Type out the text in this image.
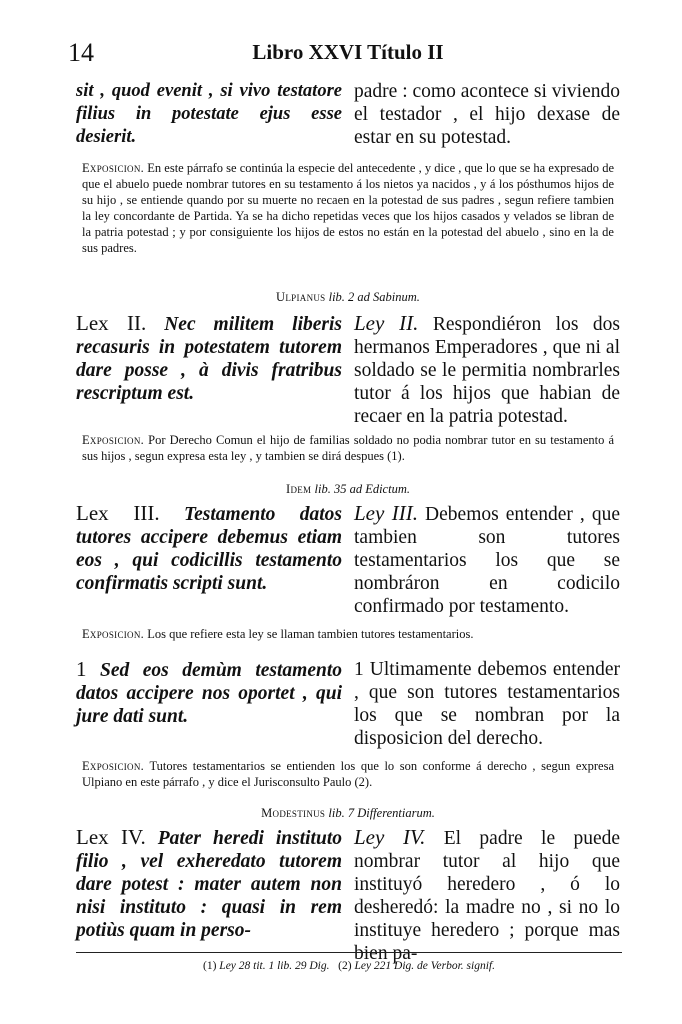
14	Libro XXVI Título II
sit , quod evenit , si vivo testatore filius in potestate ejus esse desierit.
padre : como acontece si viviendo el testador , el hijo dexase de estar en su potestad.
Exposicion. En este párrafo se continúa la especie del antecedente , y dice , que lo que se ha expresado de que el abuelo puede nombrar tutores en su testamento á los nietos ya nacidos , y á los pósthumos hijos de su hijo , se entiende quando por su muerte no recaen en la potestad de sus padres , segun refiere tambien la ley concordante de Partida. Ya se ha dicho repetidas veces que los hijos casados y velados se libran de la patria potestad ; y por consiguiente los hijos de estos no están en la potestad del abuelo , sino en la de sus padres.
Ulpianus lib. 2 ad Sabinum.
Lex II. Nec militem liberis recasuris in potestatem tutorem dare posse , à divis fratribus rescriptum est.
Ley II. Respondiéron los dos hermanos Emperadores , que ni al soldado se le permitia nombrarles tutor á los hijos que habian de recaer en la patria potestad.
Exposicion. Por Derecho Comun el hijo de familias soldado no podia nombrar tutor en su testamento á sus hijos , segun expresa esta ley , y tambien se dirá despues (1).
Idem lib. 35 ad Edictum.
Lex III. Testamento datos tutores accipere debemus etiam eos , qui codicillis testamento confirmatis scripti sunt.
Ley III. Debemos entender , que tambien son tutores testamentarios los que se nombráron en codicilo confirmado por testamento.
Exposicion. Los que refiere esta ley se llaman tambien tutores testamentarios.
1 Sed eos demùm testamento datos accipere nos oportet , qui jure dati sunt.
1 Ultimamente debemos entender , que son tutores testamentarios los que se nombran por la disposicion del derecho.
Exposicion. Tutores testamentarios se entienden los que lo son conforme á derecho , segun expresa Ulpiano en este párrafo , y dice el Jurisconsulto Paulo (2).
Modestinus lib. 7 Differentiarum.
Lex IV. Pater heredi instituto filio , vel exheredato tutorem dare potest : mater autem non nisi instituto : quasi in rem potiùs quam in perso-
Ley IV. El padre le puede nombrar tutor al hijo que instituyó heredero , ó lo desheredó: la madre no , si no lo instituye heredero ; porque mas bien pa-
(1) Ley 28 tit. 1 lib. 29 Dig. (2) Ley 221 Dig. de Verbor. signif.
